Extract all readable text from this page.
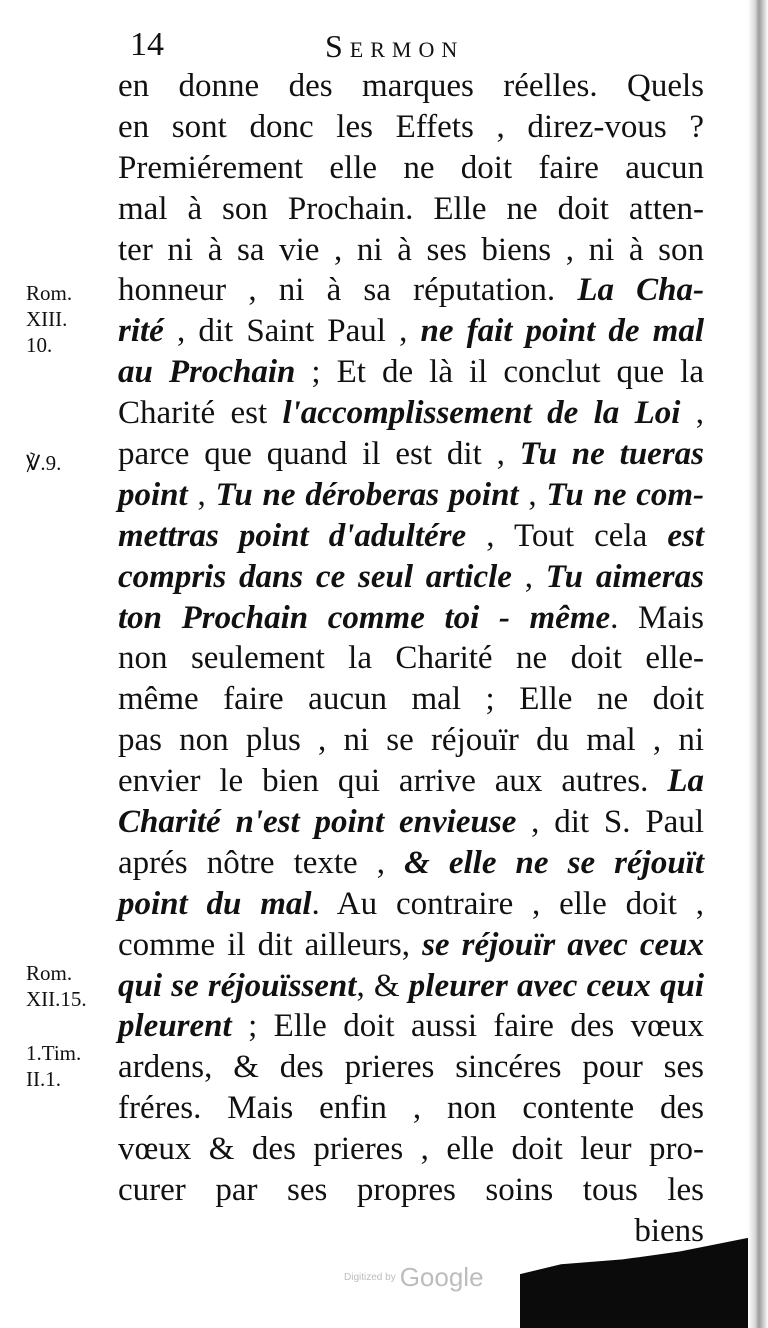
14	Sermon
Rom.
XIII.
10.
℣.9.
Rom.
XII.15.
1.Tim.
II.1.
en donne des marques réelles. Quels
en sont donc les Effets , direz-vous ?
Premiérement elle ne doit faire aucun
mal à son Prochain. Elle ne doit atten-
ter ni à sa vie , ni à ses biens , ni à son
honneur , ni à sa réputation. La Cha-
rité , dit Saint Paul , ne fait point de mal
au Prochain ; Et de là il conclut que la
Charité est l'accomplissement de la Loi ,
parce que quand il est dit , Tu ne tueras
point , Tu ne déroberas point , Tu ne com-
mettras point d'adultére , Tout cela est
compris dans ce seul article , Tu aimeras
ton Prochain comme toi - même. Mais
non seulement la Charité ne doit elle-
même faire aucun mal ; Elle ne doit
pas non plus , ni se réjouïr du mal , ni
envier le bien qui arrive aux autres. La
Charité n'est point envieuse , dit S. Paul
aprés nôtre texte , & elle ne se réjouït
point du mal. Au contraire , elle doit ,
comme il dit ailleurs, se réjouïr avec ceux
qui se réjouïssent, & pleurer avec ceux qui
pleurent ; Elle doit aussi faire des vœux
ardens, & des prieres sincéres pour ses
fréres. Mais enfin , non contente des
vœux & des prieres , elle doit leur pro-
curer par ses propres soins tous les
biens
Digitized by Google
